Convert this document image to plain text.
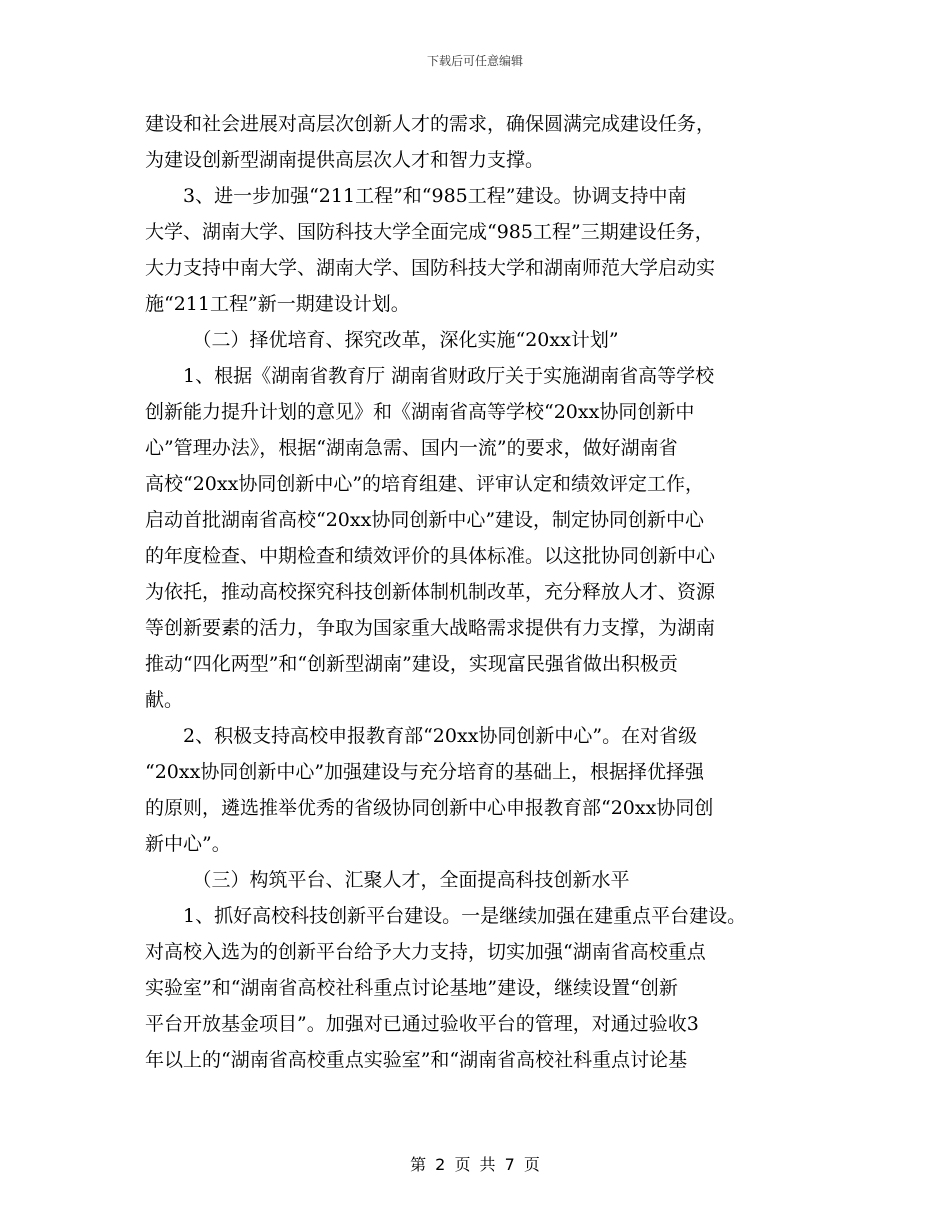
下载后可任意编辑
建设和社会进展对高层次创新人才的需求，确保圆满完成建设任务，
为建设创新型湖南提供高层次人才和智力支撑。
　　3、进一步加强“211工程”和“985工程”建设。协调支持中南
大学、湖南大学、国防科技大学全面完成“985工程”三期建设任务，
大力支持中南大学、湖南大学、国防科技大学和湖南师范大学启动实
施“211工程”新一期建设计划。
　　　（二）择优培育、探究改革，深化实施“20xx计划”
　　1、根据《湖南省教育厅 湖南省财政厅关于实施湖南省高等学校
创新能力提升计划的意见》和《湖南省高等学校“20xx协同创新中
心”管理办法》，根据“湖南急需、国内一流”的要求，做好湖南省
高校“20xx协同创新中心”的培育组建、评审认定和绩效评定工作，
启动首批湖南省高校“20xx协同创新中心”建设，制定协同创新中心
的年度检查、中期检查和绩效评价的具体标准。以这批协同创新中心
为依托，推动高校探究科技创新体制机制改革，充分释放人才、资源
等创新要素的活力，争取为国家重大战略需求提供有力支撑，为湖南
推动“四化两型”和“创新型湖南”建设，实现富民强省做出积极贡
献。
　　2、积极支持高校申报教育部“20xx协同创新中心”。在对省级
“20xx协同创新中心”加强建设与充分培育的基础上，根据择优择强
的原则，遴选推举优秀的省级协同创新中心申报教育部“20xx协同创
新中心”。
　　　（三）构筑平台、汇聚人才，全面提高科技创新水平
　　1、抓好高校科技创新平台建设。一是继续加强在建重点平台建设。
对高校入选为的创新平台给予大力支持，切实加强“湖南省高校重点
实验室”和“湖南省高校社科重点讨论基地”建设，继续设置“创新
平台开放基金项目”。加强对已通过验收平台的管理，对通过验收3
年以上的“湖南省高校重点实验室”和“湖南省高校社科重点讨论基
第 2 页 共 7 页
